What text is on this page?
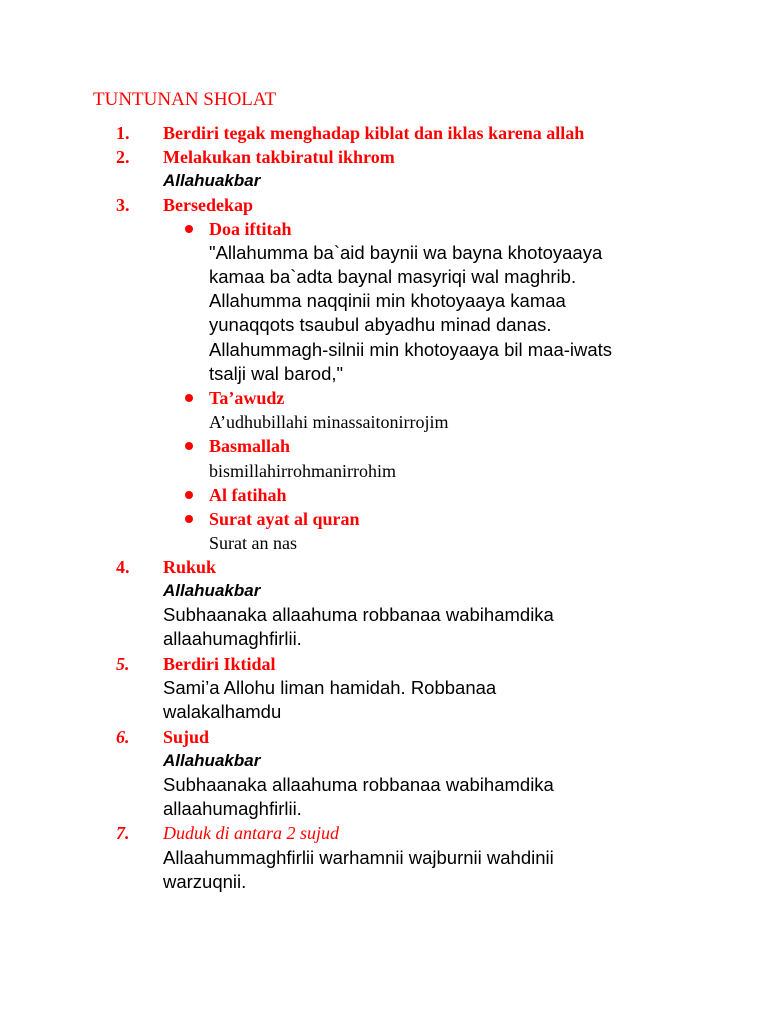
TUNTUNAN SHOLAT
1. Berdiri tegak menghadap kiblat dan iklas karena allah
2. Melakukan takbiratul ikhrom
Allahuakbar
3. Bersedekap
Doa iftitah
"Allahumma ba`aid baynii wa bayna khotoyaaya
kamaa ba`adta baynal masyriqi wal maghrib.
Allahumma naqqinii min khotoyaaya kamaa
yunaqqots tsaubul abyadhu minad danas.
Allahummagh-silnii min khotoyaaya bil maa-iwats
tsalji wal barod,"
Ta’awudz
A’udhubillahi minassaitonirrojim
Basmallah
bismillahirrohmanirrohim
Al fatihah
Surat ayat al quran
Surat an nas
4. Rukuk
Allahuakbar
Subhaanaka allaahuma robbanaa wabihamdika
allaahumaghfirlii.
5. Berdiri Iktidal
Sami’a Allohu liman hamidah. Robbanaa
walakalhamdu
6. Sujud
Allahuakbar
Subhaanaka allaahuma robbanaa wabihamdika
allaahumaghfirlii.
7. Duduk di antara 2 sujud
Allaahummaghfirlii warhamnii wajburnii wahdinii
warzuqnii.
